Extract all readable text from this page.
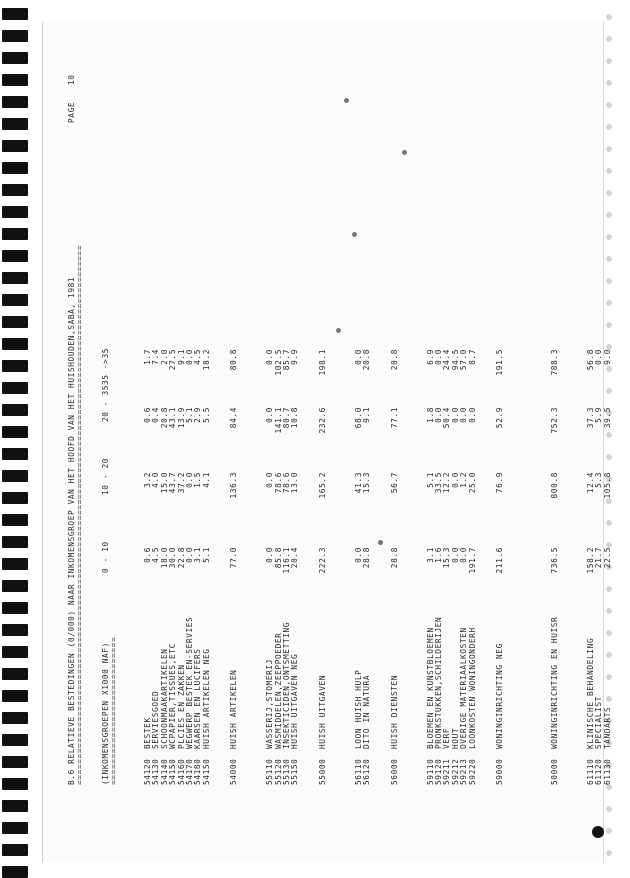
B.6 RELATIEVE BESTEDINGEN (0/000) NAAR INKOMENSGROEP VAN HET HOOFD VAN HET HUISHOUDEN,SABA, 1981 ======================================================================================================
PAGE
10
(INKOMENSGROEPEN X1000 NAF) ============================
0 - 10
10 - 20
20 - 35
35 ->35
54120
BESTEK
0.6
3.2
0.6
1.7
54130
SERVIESGOED
4.5
4.0
0.4
7.4
54140
SCHOONMAAKARTIKELEN
18.0
15.0
20.8
2.0
54150
WCPAPIER,TISSUES,ETC
30.0
43.7
43.1
27.5
54160
PLCIES EN ZAKKEN
22.8
37.2
13.9
9.1
54170
WEGWERP BESTEK EN-SERVIES
0.0
0.0
5.1
0.0
54180
KAARSEN EN LUCIFERS
3.1
1.5
2.9
4.5
54150
HUISH ARTIKELEN NEG
5.1
4.1
5.5
18.2
54000
HUISH ARTIKELEN
77.0
136.3
84.4
80.8
55110
WASSERIJ,STOMERIJ
0.0
0.0
0.0
0.0
55120
WASMIDDELEN,ZEEPPOEDER
85.8
78.6
141.1
102.5
55130
INSEKTICIDEN,ONTSMETTING
116.1
78.6
80.7
85.7
55150
HUISH UITGAVEN NEG
20.4
13.0
10.8
9.9
55000
HUISH UITGAVEN
222.3
165.2
232.6
198.1
56110
LOON HUISH HULP
0.0
41.3
68.0
0.0
56120
DITO IN NATURA
28.8
15.3
9.1
20.8
56000
HUISH DIENSTEN
28.8
56.7
77.1
20.8
59110
BLOEMEN EN KUNSTBLOEMEN
3.1
5.1
1.8
6.9
59120
PRONKSTUKKEN,SCHILDERIJEN
1.6
33.5
0.0
0.0
59211
VERF
15.3
12.2
50.4
24.4
59212
HOUT
0.0
0.0
0.0
94.5
59213
OVERIGE MATERIAALKOSTEN
0.0
1.2
0.0
57.0
59220
LOONKOSTEN WONINGONDERH
191.7
25.0
0.0
8.7
59000
WONINGINRICHTING NEG
211.6
76.9
52.9
191.5
50000
WONINGINRICHTING EN HUISR
736.5
800.8
752.3
788.3
61110
KLINISCHE BEHANDELING
158.2
12.4
37.3
56.8
61120
SPECIALIST
21.7
5.3
5.9
0.0
61130
TANDARTS
22.5
105.8
39.5
9.0
